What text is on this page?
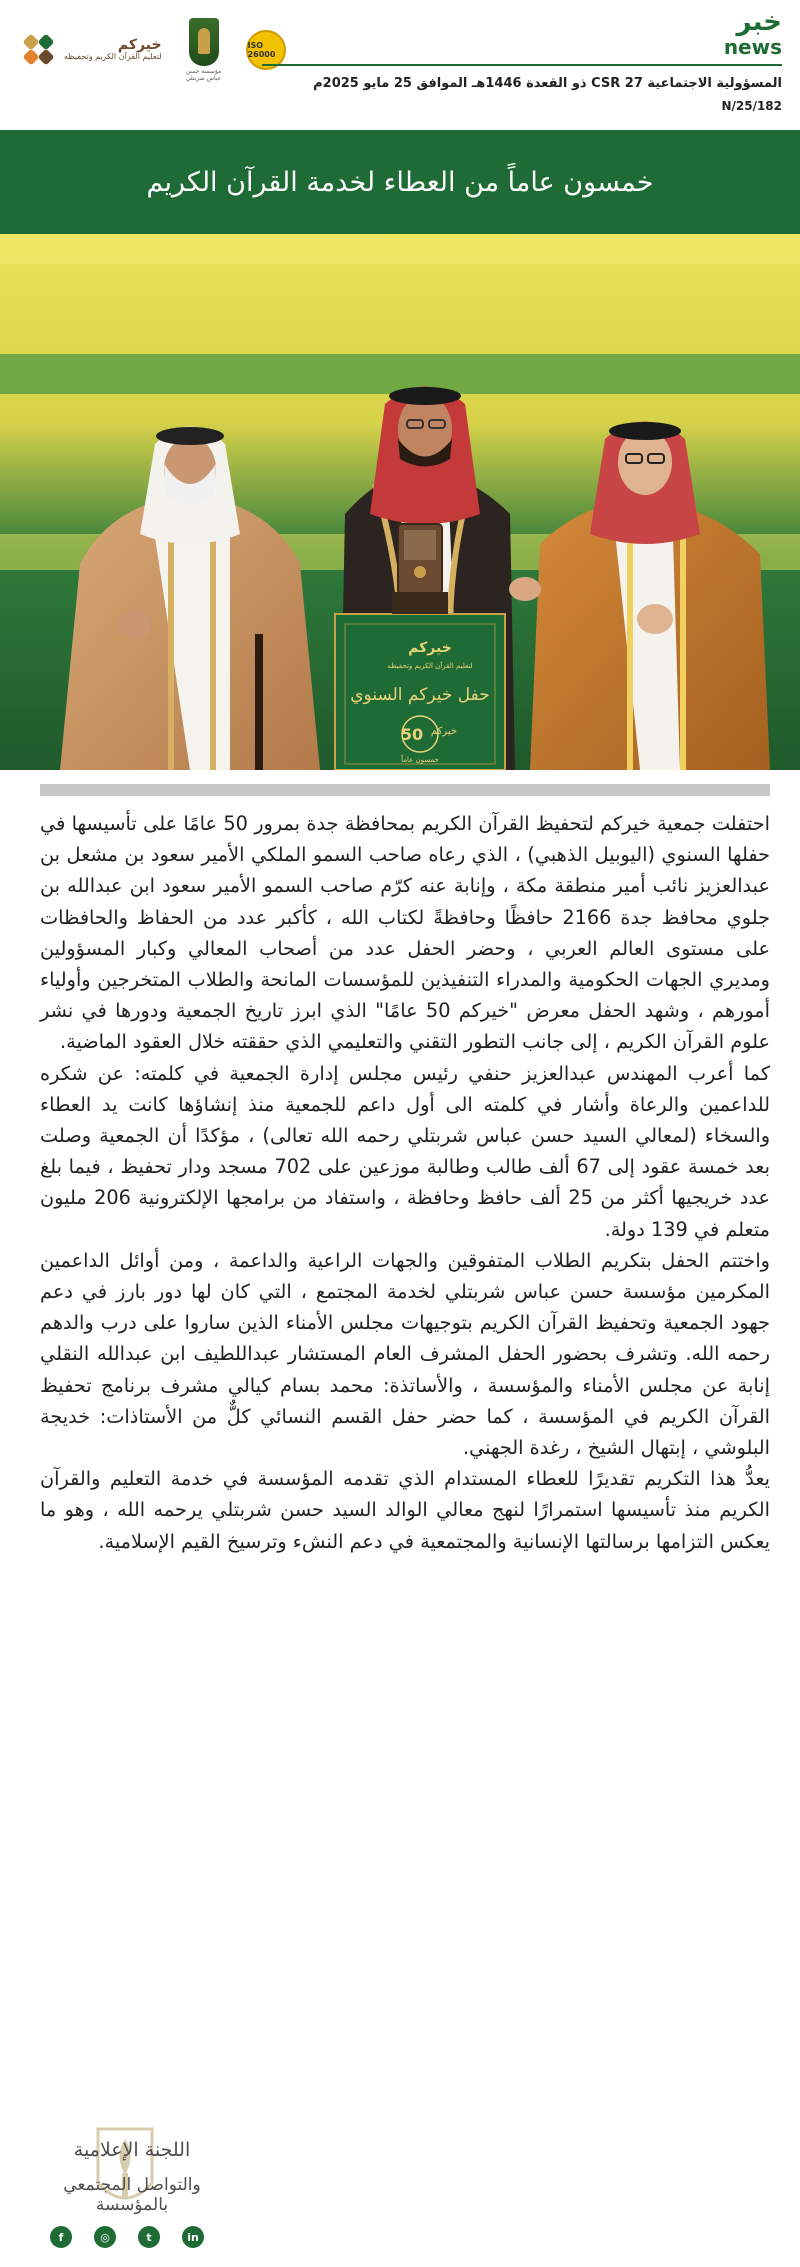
خيركم
لتعليم القرآن الكريم وتحفيظه
مؤسسة حسن عباس شربتلي
ISO 26000
خبر
news
المسؤولية الاجتماعية CSR 27 ذو القعدة 1446هـ الموافق 25 مايو 2025م
N/25/182
خمسون عاماً من العطاء لخدمة القرآن الكريم
خيركم
لتعليم القرآن الكريم وتحفيظه
حفل خيركم السنوي
50 خيركم
خمسون عاماً

احتفلت جمعية خيركم لتحفيظ القرآن الكريم بمحافظة جدة بمرور 50 عامًا على تأسيسها في حفلها السنوي (اليوبيل الذهبي) ، الذي رعاه صاحب السمو الملكي الأمير سعود بن مشعل بن عبدالعزيز نائب أمير منطقة مكة ، وإنابة عنه كرّم صاحب السمو الأمير سعود ابن عبدالله بن جلوي محافظ جدة 2166 حافظًا وحافظةً لكتاب الله ، كأكبر عدد من الحفاظ والحافظات على مستوى العالم العربي ، وحضر الحفل عدد من أصحاب المعالي وكبار المسؤولين ومديري الجهات الحكومية والمدراء التنفيذين للمؤسسات المانحة والطلاب المتخرجين وأولياء أمورهم ، وشهد الحفل معرض "خيركم 50 عامًا" الذي ابرز تاريخ الجمعية ودورها في نشر علوم القرآن الكريم ، إلى جانب التطور التقني والتعليمي الذي حققته خلال العقود الماضية.

كما أعرب المهندس عبدالعزيز حنفي رئيس مجلس إدارة الجمعية في كلمته: عن شكره للداعمين والرعاة وأشار في كلمته الى أول داعم للجمعية منذ إنشاؤها كانت يد العطاء والسخاء (لمعالي السيد حسن عباس شربتلي رحمه الله تعالى) ، مؤكدًا أن الجمعية وصلت بعد خمسة عقود إلى 67 ألف طالب وطالبة موزعين على 702 مسجد ودار تحفيظ ، فيما بلغ عدد خريجيها أكثر من 25 ألف حافظ وحافظة ، واستفاد من برامجها الإلكترونية 206 مليون متعلم في 139 دولة.

واختتم الحفل بتكريم الطلاب المتفوقين والجهات الراعية والداعمة ، ومن أوائل الداعمين المكرمين مؤسسة حسن عباس شربتلي لخدمة المجتمع ، التي كان لها دور بارز في دعم جهود الجمعية وتحفيظ القرآن الكريم بتوجيهات مجلس الأمناء الذين ساروا على درب والدهم رحمه الله. وتشرف بحضور الحفل المشرف العام المستشار عبداللطيف ابن عبدالله النقلي إنابة عن مجلس الأمناء والمؤسسة ، والأساتذة: محمد بسام كيالي مشرف برنامج تحفيظ القرآن الكريم في المؤسسة ، كما حضر حفل القسم النسائي كلٌّ من الأستاذات: خديجة البلوشي ، إبتهال الشيخ ، رغدة الجهني.

يعدُّ هذا التكريم تقديرًا للعطاء المستدام الذي تقدمه المؤسسة في خدمة التعليم والقرآن الكريم منذ تأسيسها استمرارًا لنهج معالي الوالد السيد حسن شربتلي يرحمه الله ، وهو ما يعكس التزامها برسالتها الإنسانية والمجتمعية في دعم النشء وترسيخ القيم الإسلامية.

اللجنة الإعلامية
والتواصل المجتمعي بالمؤسسة
f	◎	t	in
